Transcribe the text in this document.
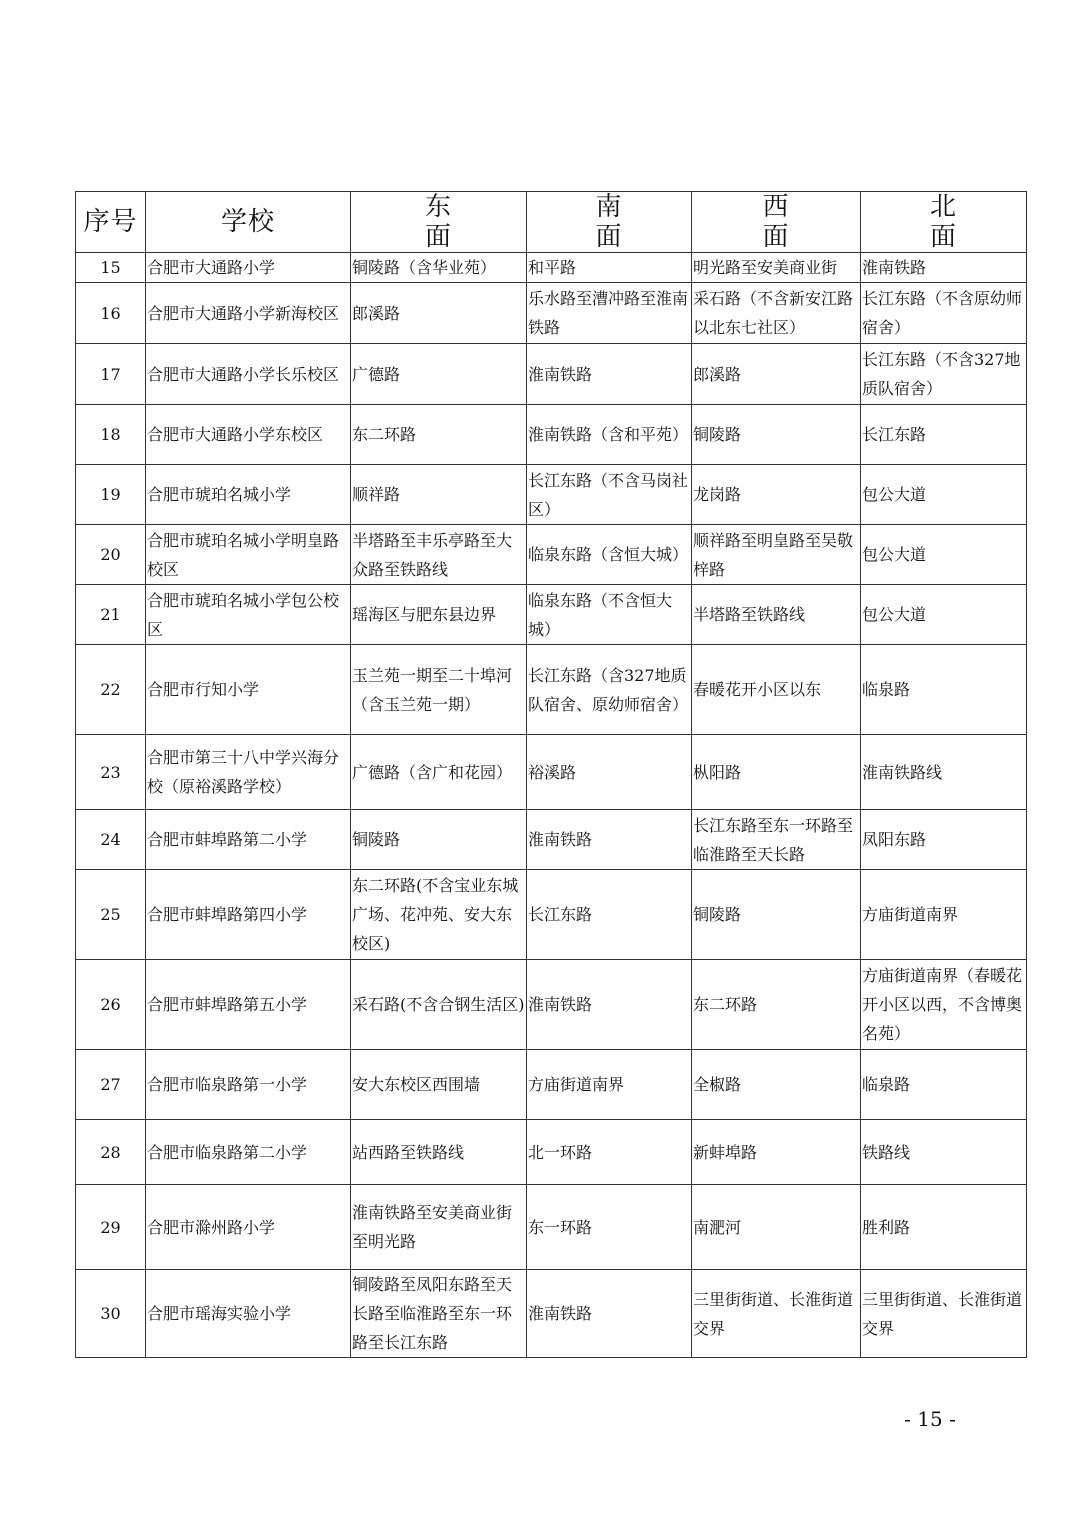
序号	学校	东面	南面	西面	北面
15	合肥市大通路小学	铜陵路（含华业苑）	和平路	明光路至安美商业街	淮南铁路
16	合肥市大通路小学新海校区	郎溪路	乐水路至漕冲路至淮南铁路	采石路（不含新安江路以北东七社区）	长江东路（不含原幼师宿舍）
17	合肥市大通路小学长乐校区	广德路	淮南铁路	郎溪路	长江东路（不含327地质队宿舍）
18	合肥市大通路小学东校区	东二环路	淮南铁路（含和平苑）	铜陵路	长江东路
19	合肥市琥珀名城小学	顺祥路	长江东路（不含马岗社区）	龙岗路	包公大道
20	合肥市琥珀名城小学明皇路校区	半塔路至丰乐亭路至大众路至铁路线	临泉东路（含恒大城）	顺祥路至明皇路至吴敬梓路	包公大道
21	合肥市琥珀名城小学包公校区	瑶海区与肥东县边界	临泉东路（不含恒大城）	半塔路至铁路线	包公大道
22	合肥市行知小学	玉兰苑一期至二十埠河（含玉兰苑一期）	长江东路（含327地质队宿舍、原幼师宿舍）	春暖花开小区以东	临泉路
23	合肥市第三十八中学兴海分校（原裕溪路学校）	广德路（含广和花园）	裕溪路	枞阳路	淮南铁路线
24	合肥市蚌埠路第二小学	铜陵路	淮南铁路	长江东路至东一环路至临淮路至天长路	凤阳东路
25	合肥市蚌埠路第四小学	东二环路(不含宝业东城广场、花冲苑、安大东校区)	长江东路	铜陵路	方庙街道南界
26	合肥市蚌埠路第五小学	采石路(不含合钢生活区)	淮南铁路	东二环路	方庙街道南界（春暖花开小区以西，不含博奥名苑）
27	合肥市临泉路第一小学	安大东校区西围墙	方庙街道南界	全椒路	临泉路
28	合肥市临泉路第二小学	站西路至铁路线	北一环路	新蚌埠路	铁路线
29	合肥市滁州路小学	淮南铁路至安美商业街至明光路	东一环路	南淝河	胜利路
30	合肥市瑶海实验小学	铜陵路至凤阳东路至天长路至临淮路至东一环路至长江东路	淮南铁路	三里街街道、长淮街道交界	三里街街道、长淮街道交界
- 15 -
